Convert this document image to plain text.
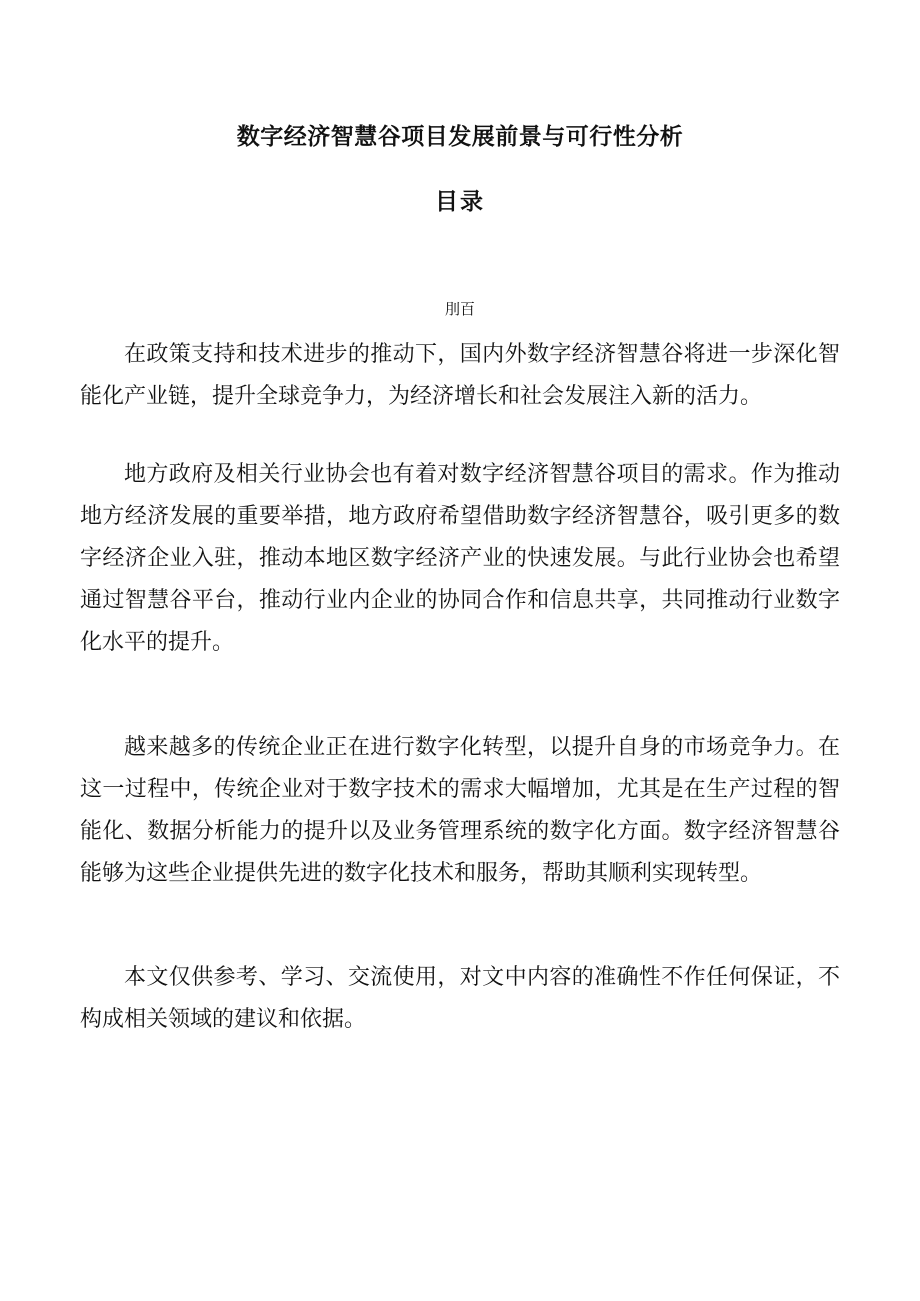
数字经济智慧谷项目发展前景与可行性分析
目录
刖百

在政策支持和技术进步的推动下，国内外数字经济智慧谷将进一步深化智能化产业链，提升全球竞争力，为经济增长和社会发展注入新的活力。

地方政府及相关行业协会也有着对数字经济智慧谷项目的需求。作为推动地方经济发展的重要举措，地方政府希望借助数字经济智慧谷，吸引更多的数字经济企业入驻，推动本地区数字经济产业的快速发展。与此行业协会也希望通过智慧谷平台，推动行业内企业的协同合作和信息共享，共同推动行业数字化水平的提升。

越来越多的传统企业正在进行数字化转型，以提升自身的市场竞争力。在这一过程中，传统企业对于数字技术的需求大幅增加，尤其是在生产过程的智能化、数据分析能力的提升以及业务管理系统的数字化方面。数字经济智慧谷能够为这些企业提供先进的数字化技术和服务，帮助其顺利实现转型。

本文仅供参考、学习、交流使用，对文中内容的准确性不作任何保证，不构成相关领域的建议和依据。
